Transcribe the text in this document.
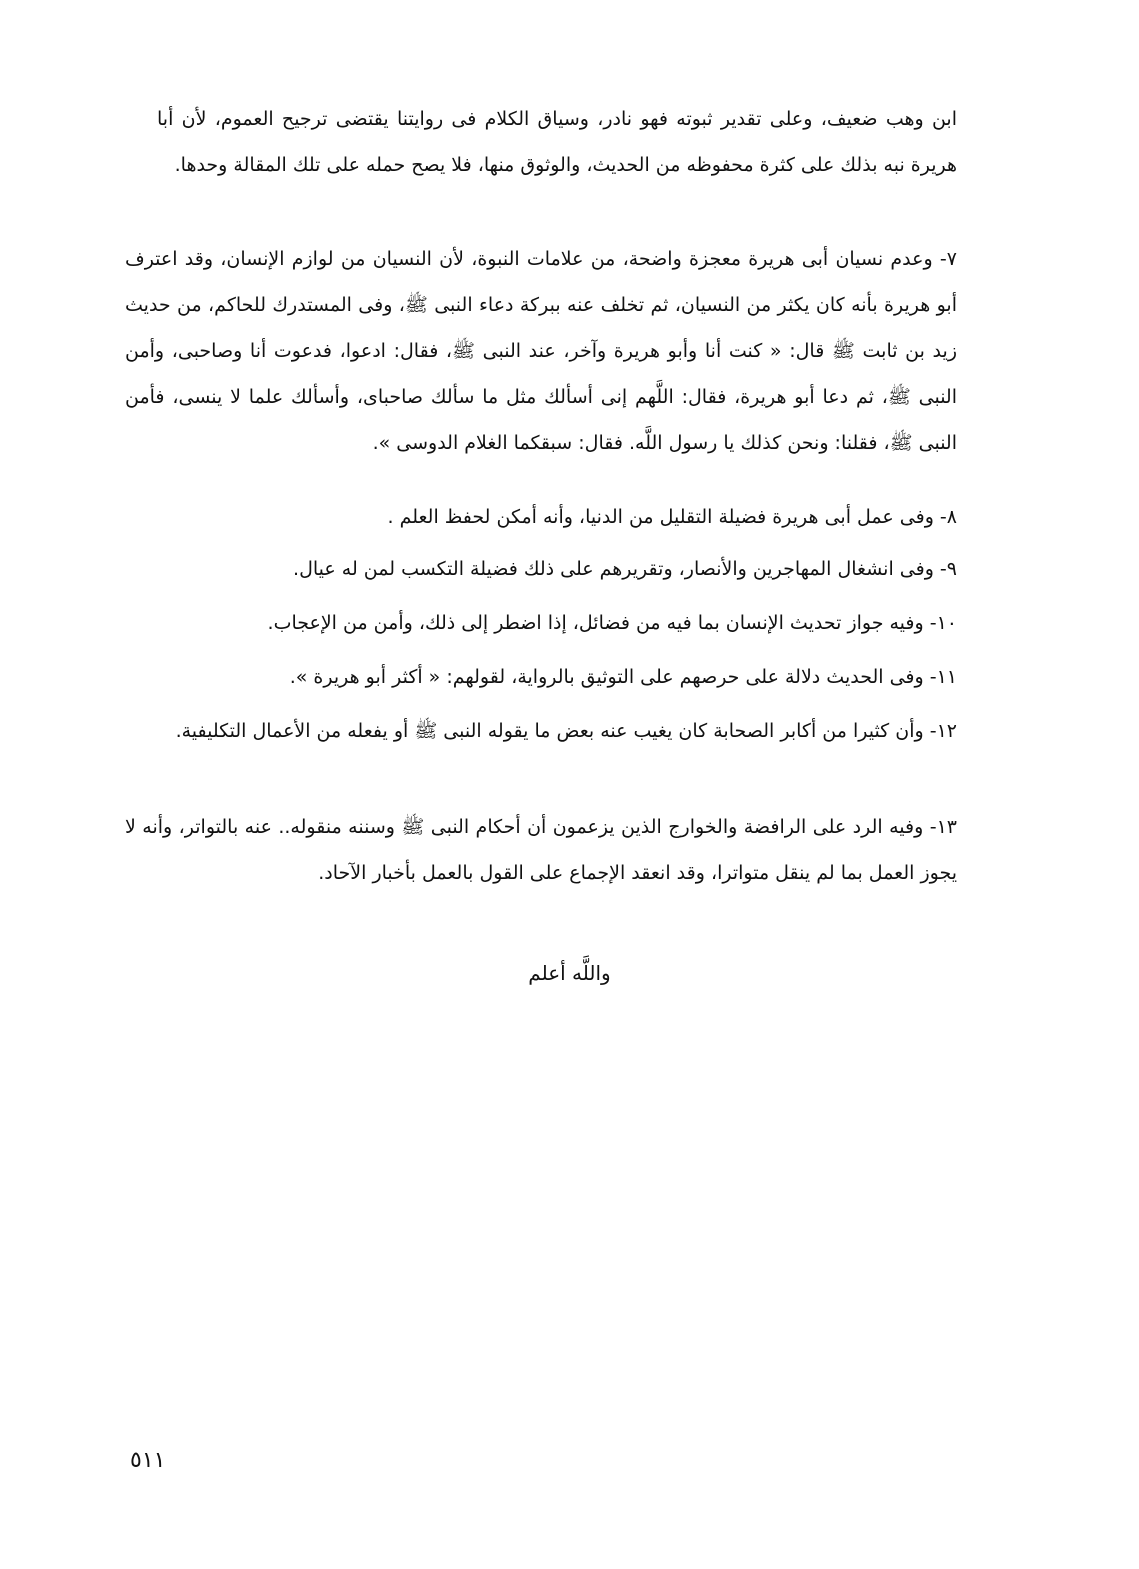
ابن وهب ضعيف، وعلى تقدير ثبوته فهو نادر، وسياق الكلام فى روايتنا يقتضى ترجيح العموم، لأن أبا هريرة نبه بذلك على كثرة محفوظه من الحديث، والوثوق منها، فلا يصح حمله على تلك المقالة وحدها.

٧- وعدم نسيان أبى هريرة معجزة واضحة، من علامات النبوة، لأن النسيان من لوازم الإنسان، وقد اعترف أبو هريرة بأنه كان يكثر من النسيان، ثم تخلف عنه ببركة دعاء النبى ﷺ، وفى المستدرك للحاكم، من حديث زيد بن ثابت ﷺ قال: « كنت أنا وأبو هريرة وآخر، عند النبى ﷺ، فقال: ادعوا، فدعوت أنا وصاحبى، وأمن النبى ﷺ، ثم دعا أبو هريرة، فقال: اللَّهم إنى أسألك مثل ما سألك صاحباى، وأسألك علما لا ينسى، فأمن النبى ﷺ، فقلنا: ونحن كذلك يا رسول اللَّه. فقال: سبقكما الغلام الدوسى ».

٨- وفى عمل أبى هريرة فضيلة التقليل من الدنيا، وأنه أمكن لحفظ العلم .

٩- وفى انشغال المهاجرين والأنصار، وتقريرهم على ذلك فضيلة التكسب لمن له عيال.

١٠- وفيه جواز تحديث الإنسان بما فيه من فضائل، إذا اضطر إلى ذلك، وأمن من الإعجاب.

١١- وفى الحديث دلالة على حرصهم على التوثيق بالرواية، لقولهم: « أكثر أبو هريرة ».

١٢- وأن كثيرا من أكابر الصحابة كان يغيب عنه بعض ما يقوله النبى ﷺ أو يفعله من الأعمال التكليفية.

١٣- وفيه الرد على الرافضة والخوارج الذين يزعمون أن أحكام النبى ﷺ وسننه منقوله.. عنه بالتواتر، وأنه لا يجوز العمل بما لم ينقل متواترا، وقد انعقد الإجماع على القول بالعمل بأخبار الآحاد.

واللَّه أعلم
٥١١
